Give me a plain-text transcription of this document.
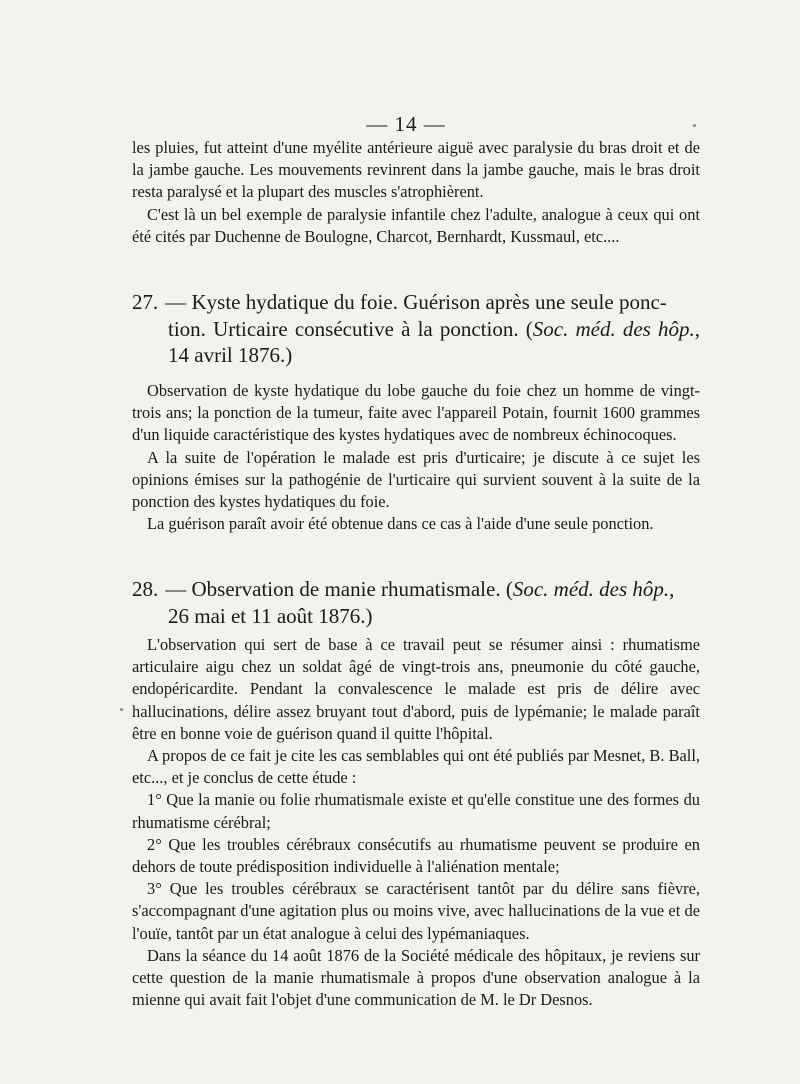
— 14 —

les pluies, fut atteint d'une myélite antérieure aiguë avec paralysie du bras droit et de la jambe gauche. Les mouvements revinrent dans la jambe gauche, mais le bras droit resta paralysé et la plupart des muscles s'atrophièrent.

C'est là un bel exemple de paralysie infantile chez l'adulte, analogue à ceux qui ont été cités par Duchenne de Boulogne, Charcot, Bernhardt, Kussmaul, etc....

27. — Kyste hydatique du foie. Guérison après une seule ponc-
tion. Urticaire consécutive à la ponction. (Soc. méd. des hôp., 14 avril 1876.)

Observation de kyste hydatique du lobe gauche du foie chez un homme de vingt-trois ans; la ponction de la tumeur, faite avec l'appareil Potain, fournit 1600 grammes d'un liquide caractéristique des kystes hydatiques avec de nombreux échinocoques.

A la suite de l'opération le malade est pris d'urticaire; je discute à ce sujet les opinions émises sur la pathogénie de l'urticaire qui survient souvent à la suite de la ponction des kystes hydatiques du foie.

La guérison paraît avoir été obtenue dans ce cas à l'aide d'une seule ponction.

28. — Observation de manie rhumatismale. (Soc. méd. des hôp.,
26 mai et 11 août 1876.)

L'observation qui sert de base à ce travail peut se résumer ainsi : rhumatisme articulaire aigu chez un soldat âgé de vingt-trois ans, pneumonie du côté gauche, endopéricardite. Pendant la convalescence le malade est pris de délire avec hallucinations, délire assez bruyant tout d'abord, puis de lypémanie; le malade paraît être en bonne voie de guérison quand il quitte l'hôpital.

A propos de ce fait je cite les cas semblables qui ont été publiés par Mesnet, B. Ball, etc..., et je conclus de cette étude :

1° Que la manie ou folie rhumatismale existe et qu'elle constitue une des formes du rhumatisme cérébral;

2° Que les troubles cérébraux consécutifs au rhumatisme peuvent se produire en dehors de toute prédisposition individuelle à l'aliénation mentale;

3° Que les troubles cérébraux se caractérisent tantôt par du délire sans fièvre, s'accompagnant d'une agitation plus ou moins vive, avec hallucinations de la vue et de l'ouïe, tantôt par un état analogue à celui des lypémaniaques.

Dans la séance du 14 août 1876 de la Société médicale des hôpitaux, je reviens sur cette question de la manie rhumatismale à propos d'une observation analogue à la mienne qui avait fait l'objet d'une communication de M. le Dr Desnos.
